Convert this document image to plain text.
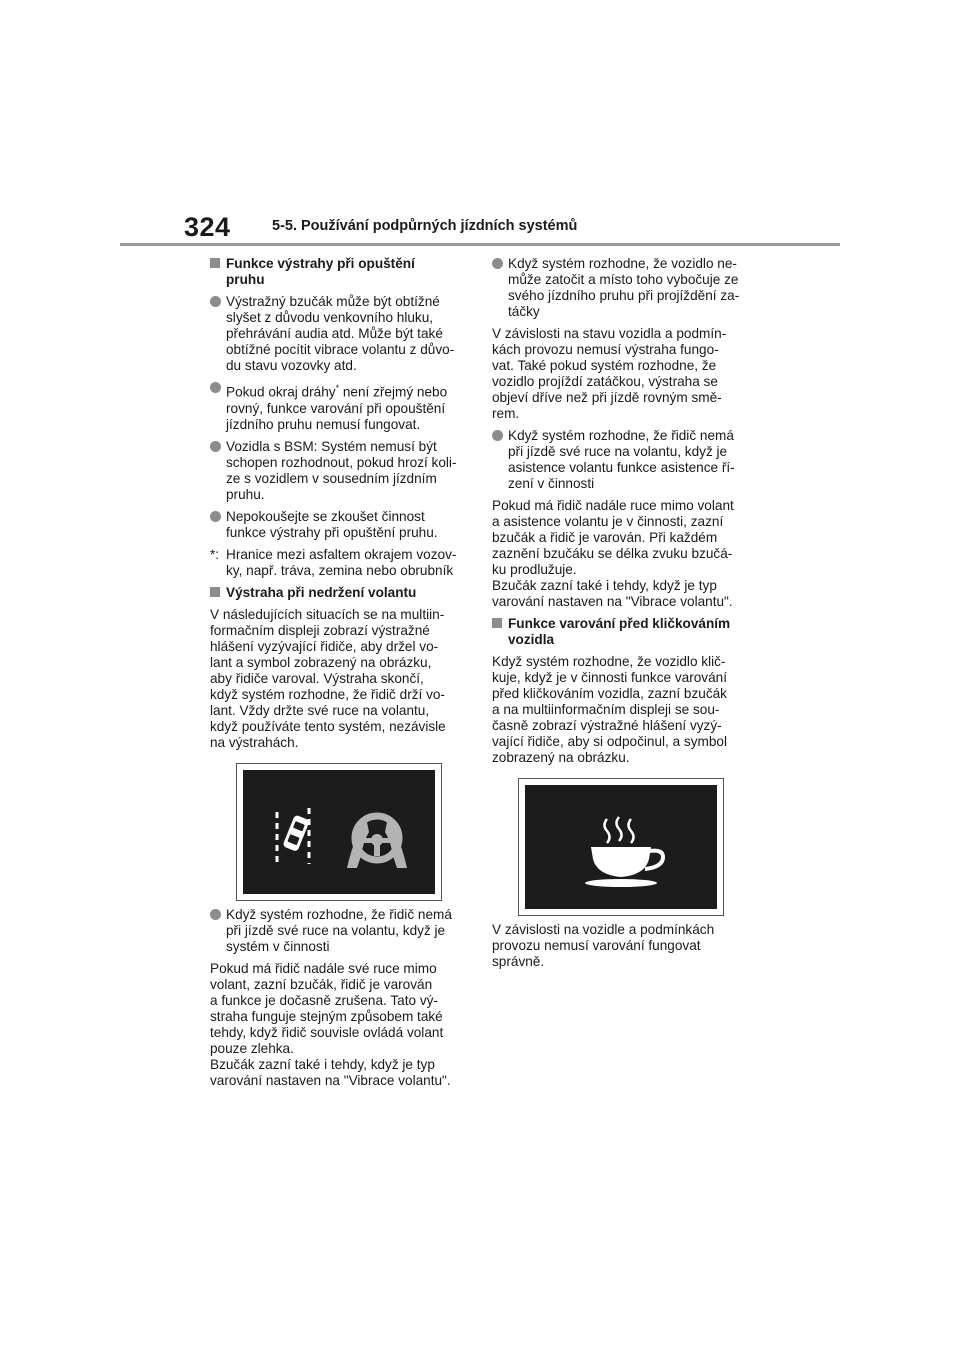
324	5-5. Používání podpůrných jízdních systémů

Funkce výstrahy při opuštění
pruhu

Výstražný bzučák může být obtížné
slyšet z důvodu venkovního hluku,
přehrávání audia atd. Může být také
obtížné pocítit vibrace volantu z důvo-
du stavu vozovky atd.

Pokud okraj dráhy* není zřejmý nebo
rovný, funkce varování při opouštění
jízdního pruhu nemusí fungovat.

Vozidla s BSM: Systém nemusí být
schopen rozhodnout, pokud hrozí koli-
ze s vozidlem v sousedním jízdním
pruhu.

Nepokoušejte se zkoušet činnost
funkce výstrahy při opuštění pruhu.

*: Hranice mezi asfaltem okrajem vozov-
ky, např. tráva, zemina nebo obrubník

Výstraha při nedržení volantu

V následujících situacích se na multiin-
formačním displeji zobrazí výstražné
hlášení vyzývající řidiče, aby držel vo-
lant a symbol zobrazený na obrázku,
aby řidiče varoval. Výstraha skončí,
když systém rozhodne, že řidič drží vo-
lant. Vždy držte své ruce na volantu,
když používáte tento systém, nezávisle
na výstrahách.

Když systém rozhodne, že řidič nemá
při jízdě své ruce na volantu, když je
systém v činnosti

Pokud má řidič nadále své ruce mimo
volant, zazní bzučák, řidič je varován
a funkce je dočasně zrušena. Tato vý-
straha funguje stejným způsobem také
tehdy, když řidič souvisle ovládá volant
pouze zlehka.
Bzučák zazní také i tehdy, když je typ
varování nastaven na "Vibrace volantu".

Když systém rozhodne, že vozidlo ne-
může zatočit a místo toho vybočuje ze
svého jízdního pruhu při projíždění za-
táčky

V závislosti na stavu vozidla a podmín-
kách provozu nemusí výstraha fungo-
vat. Také pokud systém rozhodne, že
vozidlo projíždí zatáčkou, výstraha se
objeví dříve než při jízdě rovným smě-
rem.

Když systém rozhodne, že řidič nemá
při jízdě své ruce na volantu, když je
asistence volantu funkce asistence ří-
zení v činnosti

Pokud má řidič nadále ruce mimo volant
a asistence volantu je v činnosti, zazní
bzučák a řidič je varován. Při každém
zaznění bzučáku se délka zvuku bzučá-
ku prodlužuje.
Bzučák zazní také i tehdy, když je typ
varování nastaven na "Vibrace volantu".

Funkce varování před kličkováním
vozidla

Když systém rozhodne, že vozidlo klič-
kuje, když je v činnosti funkce varování
před kličkováním vozidla, zazní bzučák
a na multiinformačním displeji se sou-
časně zobrazí výstražné hlášení vyzý-
vající řidiče, aby si odpočinul, a symbol
zobrazený na obrázku.

V závislosti na vozidle a podmínkách
provozu nemusí varování fungovat
správně.
